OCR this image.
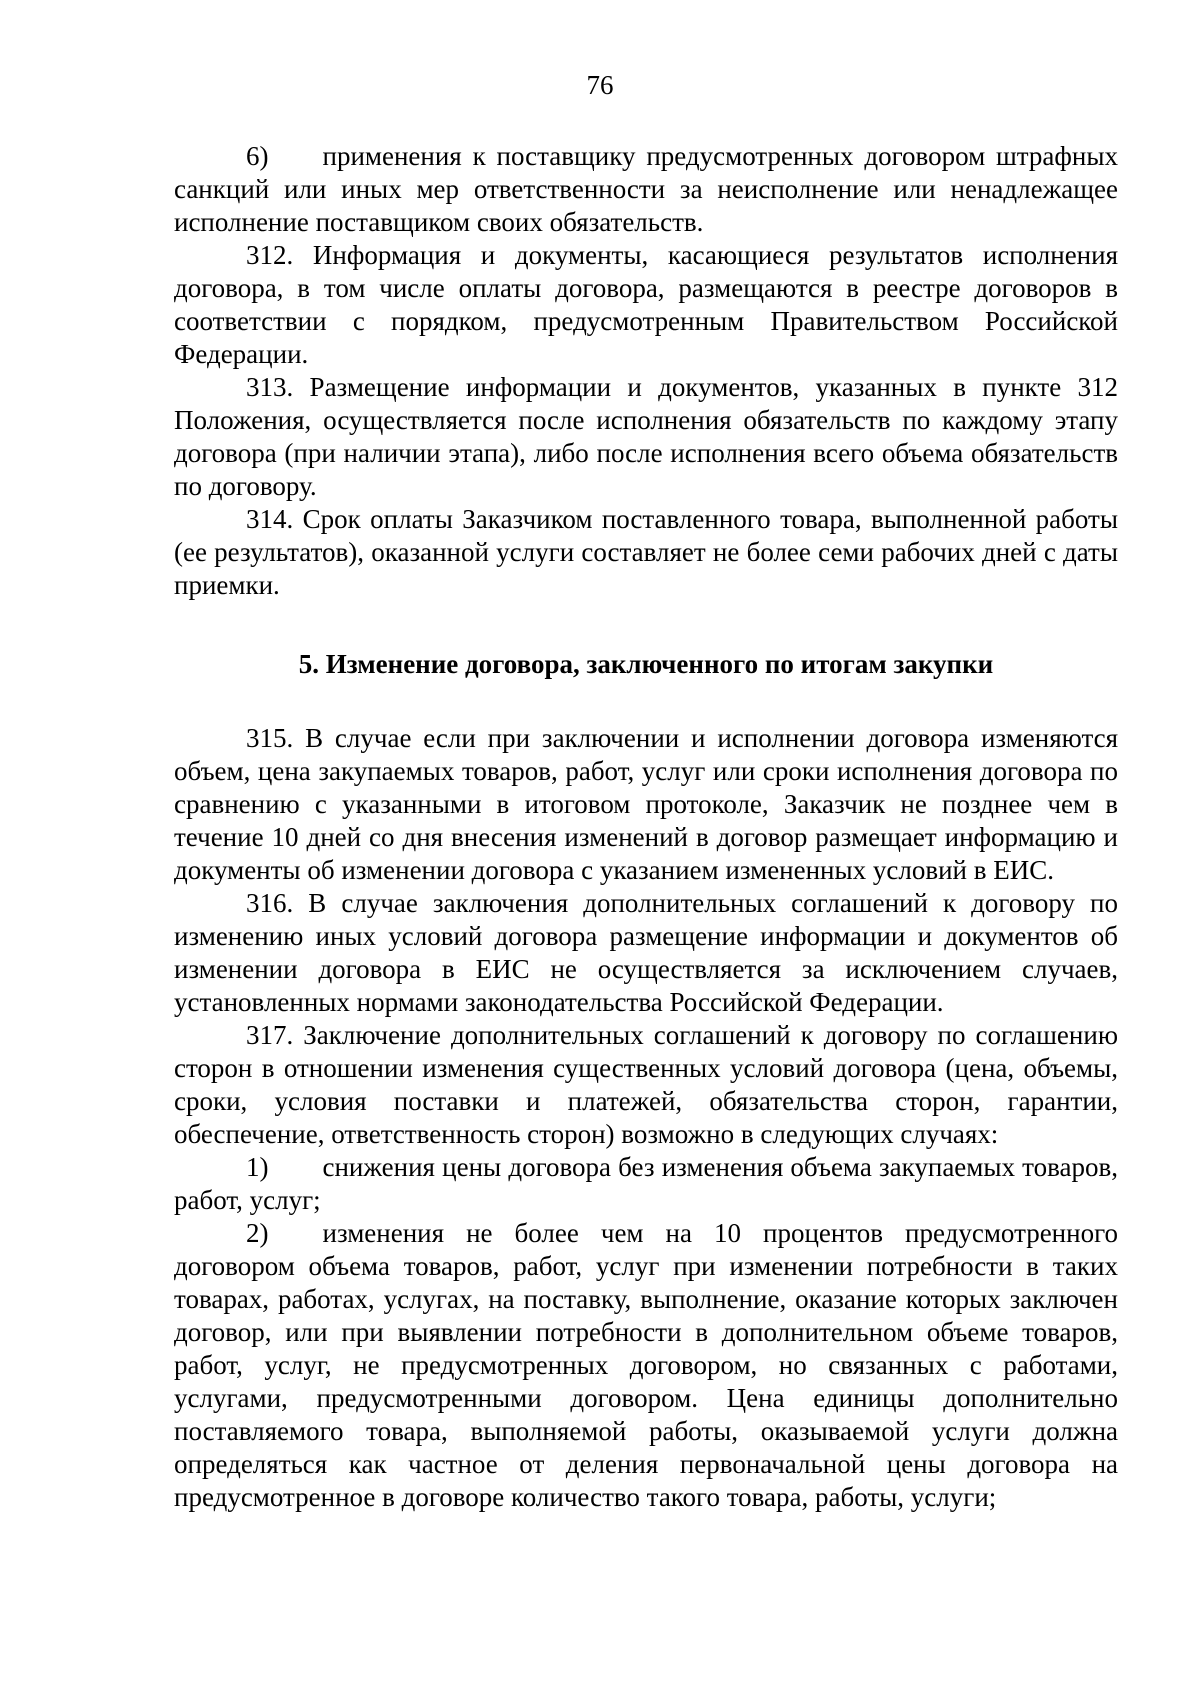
76

6)  применения к поставщику предусмотренных договором штрафных санкций или иных мер ответственности за неисполнение или ненадлежащее исполнение поставщиком своих обязательств.

312. Информация и документы, касающиеся результатов исполнения договора, в том числе оплаты договора, размещаются в реестре договоров в соответствии с порядком, предусмотренным Правительством Российской Федерации.

313. Размещение информации и документов, указанных в пункте 312 Положения, осуществляется после исполнения обязательств по каждому этапу договора (при наличии этапа), либо после исполнения всего объема обязательств по договору.

314. Срок оплаты Заказчиком поставленного товара, выполненной работы (ее результатов), оказанной услуги составляет не более семи рабочих дней с даты приемки.

5. Изменение договора, заключенного по итогам закупки

315. В случае если при заключении и исполнении договора изменяются объем, цена закупаемых товаров, работ, услуг или сроки исполнения договора по сравнению с указанными в итоговом протоколе, Заказчик не позднее чем в течение 10 дней со дня внесения изменений в договор размещает информацию и документы об изменении договора с указанием измененных условий в ЕИС.

316. В случае заключения дополнительных соглашений к договору по изменению иных условий договора размещение информации и документов об изменении договора в ЕИС не осуществляется за исключением случаев, установленных нормами законодательства Российской Федерации.

317. Заключение дополнительных соглашений к договору по соглашению сторон в отношении изменения существенных условий договора (цена, объемы, сроки, условия поставки и платежей, обязательства сторон, гарантии, обеспечение, ответственность сторон) возможно в следующих случаях:

1)  снижения цены договора без изменения объема закупаемых товаров, работ, услуг;

2)  изменения не более чем на 10 процентов предусмотренного договором объема товаров, работ, услуг при изменении потребности в таких товарах, работах, услугах, на поставку, выполнение, оказание которых заключен договор, или при выявлении потребности в дополнительном объеме товаров, работ, услуг, не предусмотренных договором, но связанных с работами, услугами, предусмотренными договором. Цена единицы дополнительно поставляемого товара, выполняемой работы, оказываемой услуги должна определяться как частное от деления первоначальной цены договора на предусмотренное в договоре количество такого товара, работы, услуги;
